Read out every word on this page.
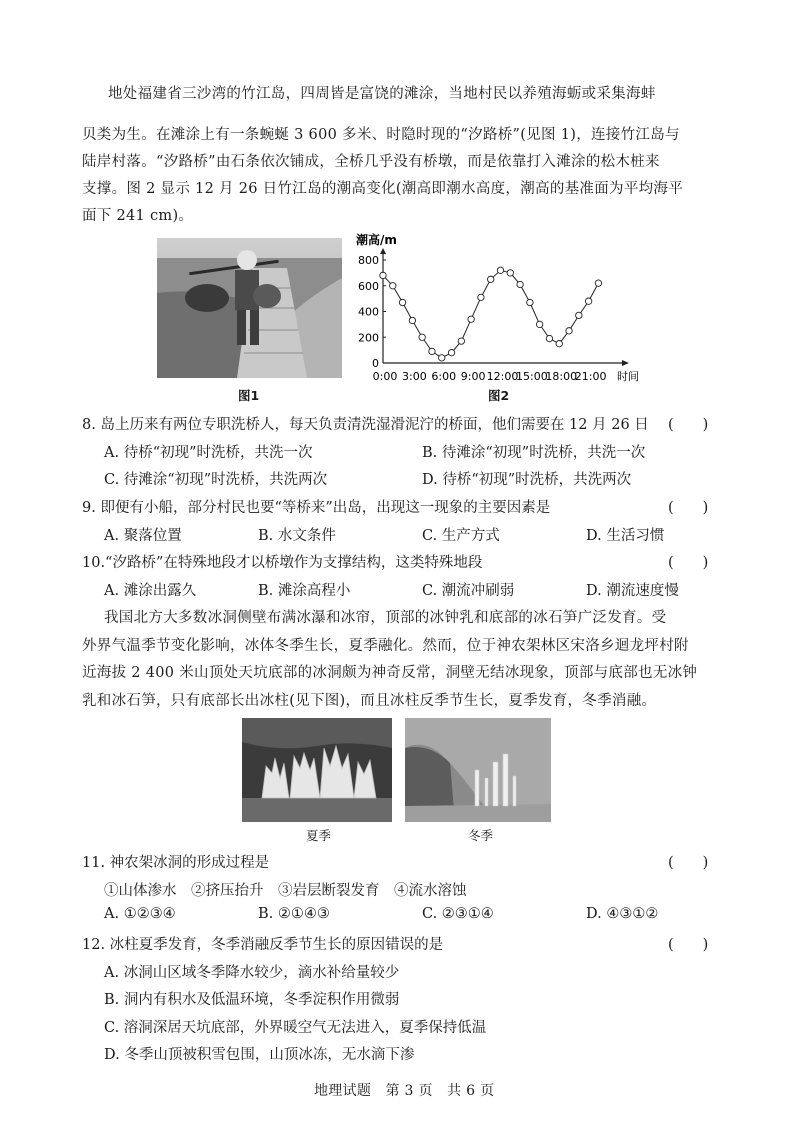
地处福建省三沙湾的竹江岛，四周皆是富饶的滩涂，当地村民以养殖海蛎或采集海蚌
贝类为生。在滩涂上有一条蜿蜒 3 600 多米、时隐时现的“汐路桥”(见图 1)，连接竹江岛与
陆岸村落。“汐路桥”由石条依次铺成，全桥几乎没有桥墩，而是依靠打入滩涂的松木桩来
支撑。图 2 显示 12 月 26 日竹江岛的潮高变化(潮高即潮水高度，潮高的基准面为平均海平
面下 241 cm)。
图1
潮高/m
800
600
400
200
0
0:00 3:00 6:00 9:00 12:00
15:00
18:00
21:00 时间
图2
8. 岛上历来有两位专职洗桥人，每天负责清洗湿滑泥泞的桥面，他们需要在 12 月 26 日 (　　)
A. 待桥“初现”时洗桥，共洗一次	B. 待滩涂“初现”时洗桥，共洗一次
C. 待滩涂“初现”时洗桥，共洗两次	D. 待桥“初现”时洗桥，共洗两次
9. 即便有小船，部分村民也要“等桥来”出岛，出现这一现象的主要因素是	(　　)
A. 聚落位置	B. 水文条件	C. 生产方式	D. 生活习惯
10.“汐路桥”在特殊地段才以桥墩作为支撑结构，这类特殊地段	(　　)
A. 滩涂出露久	B. 滩涂高程小	C. 潮流冲刷弱	D. 潮流速度慢
我国北方大多数冰洞侧壁布满冰瀑和冰帘，顶部的冰钟乳和底部的冰石笋广泛发育。受
外界气温季节变化影响，冰体冬季生长，夏季融化。然而，位于神农架林区宋洛乡迴龙坪村附
近海拔 2 400 米山顶处天坑底部的冰洞颇为神奇反常，洞壁无结冰现象，顶部与底部也无冰钟
乳和冰石笋，只有底部长出冰柱(见下图)，而且冰柱反季节生长，夏季发育，冬季消融。
夏季	冬季
11. 神农架冰洞的形成过程是	(　　)
①山体渗水　②挤压抬升　③岩层断裂发育　④流水溶蚀
A. ①②③④	B. ②①④③	C. ②③①④	D. ④③①②
12. 冰柱夏季发育，冬季消融反季节生长的原因错误的是	(　　)
A. 冰洞山区域冬季降水较少，滴水补给量较少
B. 洞内有积水及低温环境，冬季淀积作用微弱
C. 溶洞深居天坑底部，外界暖空气无法进入，夏季保持低温
D. 冬季山顶被积雪包围，山顶冰冻，无水滴下渗
地理试题　第 3 页　共 6 页
